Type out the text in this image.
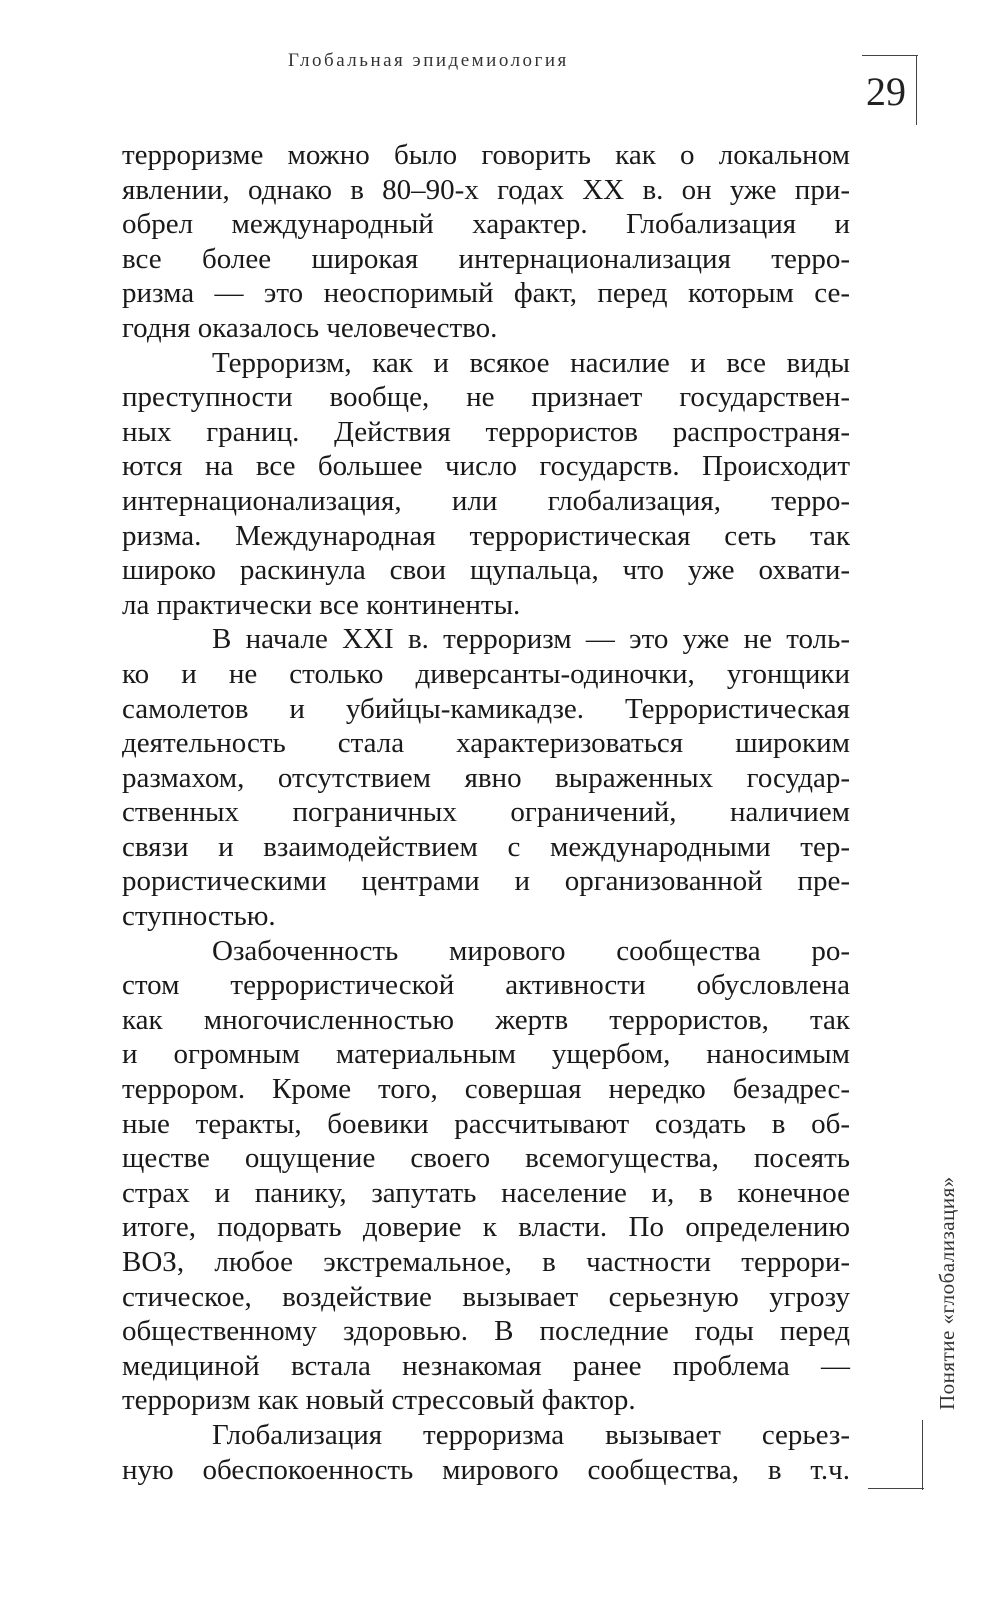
Глобальная эпидемиология
29
терроризме можно было говорить как о локальном
явлении, однако в 80–90-х годах XX в. он уже при-
обрел международный характер. Глобализация и
все более широкая интернационализация терро-
ризма — это неоспоримый факт, перед которым се-
годня оказалось человечество.
Терроризм, как и всякое насилие и все виды
преступности вообще, не признает государствен-
ных границ. Действия террористов распространя-
ются на все большее число государств. Происходит
интернационализация, или глобализация, терро-
ризма. Международная террористическая сеть так
широко раскинула свои щупальца, что уже охвати-
ла практически все континенты.
В начале XXI в. терроризм — это уже не толь-
ко и не столько диверсанты-одиночки, угонщики
самолетов и убийцы-камикадзе. Террористическая
деятельность стала характеризоваться широким
размахом, отсутствием явно выраженных государ-
ственных пограничных ограничений, наличием
связи и взаимодействием с международными тер-
рористическими центрами и организованной пре-
ступностью.
Озабоченность мирового сообщества ро-
стом террористической активности обусловлена
как многочисленностью жертв террористов, так
и огромным материальным ущербом, наносимым
террором. Кроме того, совершая нередко безадрес-
ные теракты, боевики рассчитывают создать в об-
ществе ощущение своего всемогущества, посеять
страх и панику, запутать население и, в конечное
итоге, подорвать доверие к власти. По определению
ВОЗ, любое экстремальное, в частности террори-
стическое, воздействие вызывает серьезную угрозу
общественному здоровью. В последние годы перед
медициной встала незнакомая ранее проблема —
терроризм как новый стрессовый фактор.
Глобализация терроризма вызывает серьез-
ную обеспокоенность мирового сообщества, в т.ч.
Понятие «глобализация»
